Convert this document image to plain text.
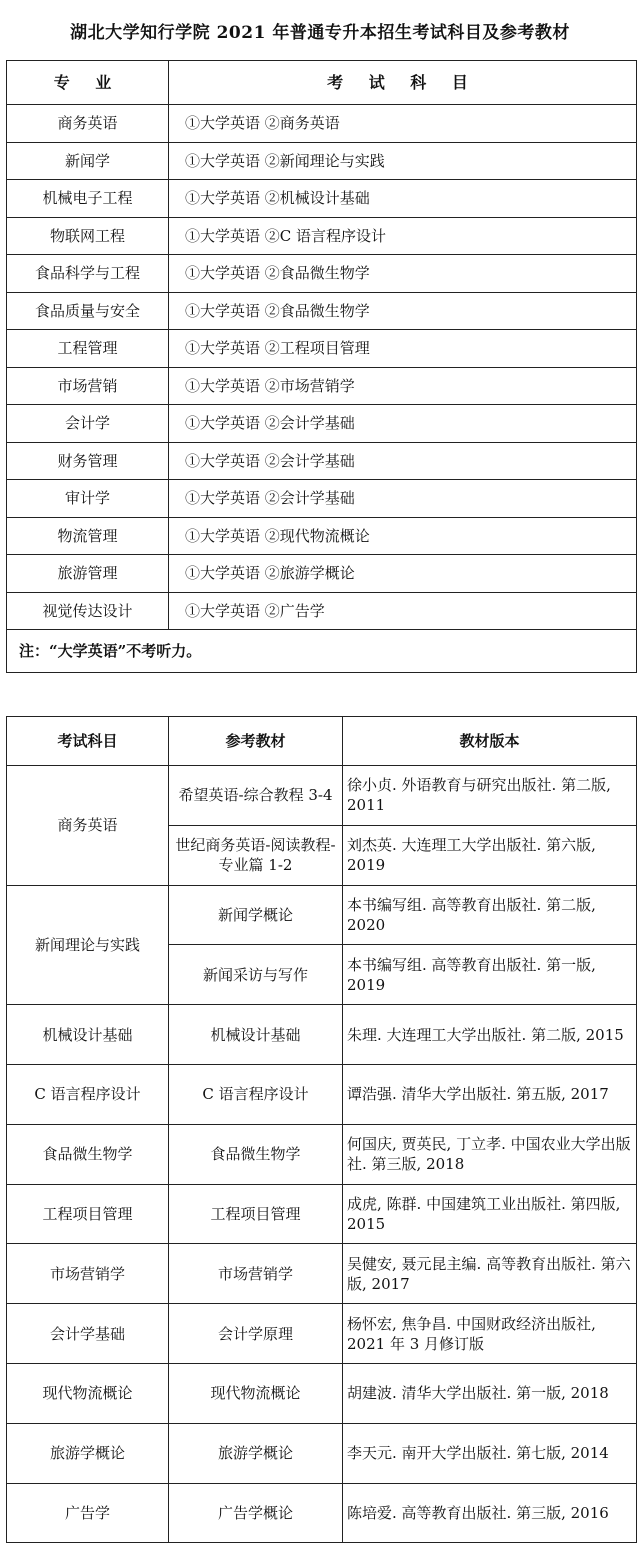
湖北大学知行学院 2021 年普通专升本招生考试科目及参考教材
专 业	考 试 科 目
商务英语	①大学英语 ②商务英语
新闻学	①大学英语 ②新闻理论与实践
机械电子工程	①大学英语 ②机械设计基础
物联网工程	①大学英语 ②C 语言程序设计
食品科学与工程	①大学英语 ②食品微生物学
食品质量与安全	①大学英语 ②食品微生物学
工程管理	①大学英语 ②工程项目管理
市场营销	①大学英语 ②市场营销学
会计学	①大学英语 ②会计学基础
财务管理	①大学英语 ②会计学基础
审计学	①大学英语 ②会计学基础
物流管理	①大学英语 ②现代物流概论
旅游管理	①大学英语 ②旅游学概论
视觉传达设计	①大学英语 ②广告学
注：“大学英语”不考听力。	
考试科目	参考教材	教材版本
商务英语	希望英语-综合教程 3-4	徐小贞. 外语教育与研究出版社. 第二版, 2011
	世纪商务英语-阅读教程-专业篇 1-2	刘杰英. 大连理工大学出版社. 第六版, 2019
新闻理论与实践	新闻学概论	本书编写组. 高等教育出版社. 第二版, 2020
	新闻采访与写作	本书编写组. 高等教育出版社. 第一版, 2019
机械设计基础	机械设计基础	朱理. 大连理工大学出版社. 第二版, 2015
C 语言程序设计	C 语言程序设计	谭浩强. 清华大学出版社. 第五版, 2017
食品微生物学	食品微生物学	何国庆, 贾英民, 丁立孝. 中国农业大学出版社. 第三版, 2018
工程项目管理	工程项目管理	成虎, 陈群. 中国建筑工业出版社. 第四版, 2015
市场营销学	市场营销学	吴健安, 聂元昆主编. 高等教育出版社. 第六版, 2017
会计学基础	会计学原理	杨怀宏, 焦争昌. 中国财政经济出版社, 2021 年 3 月修订版
现代物流概论	现代物流概论	胡建波. 清华大学出版社. 第一版, 2018
旅游学概论	旅游学概论	李天元. 南开大学出版社. 第七版, 2014
广告学	广告学概论	陈培爱. 高等教育出版社. 第三版, 2016
